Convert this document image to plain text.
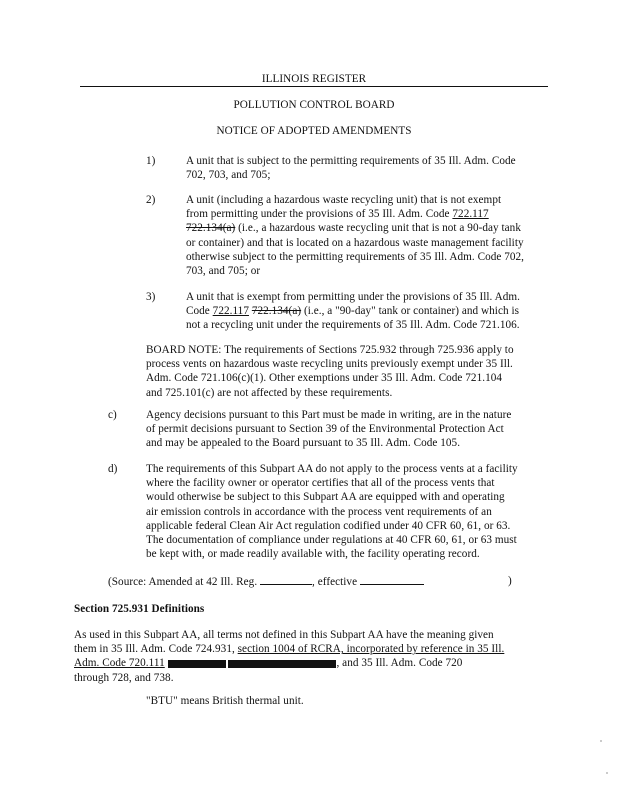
ILLINOIS REGISTER
POLLUTION CONTROL BOARD
NOTICE OF ADOPTED AMENDMENTS
1)	A unit that is subject to the permitting requirements of 35 Ill. Adm. Code
702, 703, and 705;
2)	A unit (including a hazardous waste recycling unit) that is not exempt
from permitting under the provisions of 35 Ill. Adm. Code 722.117
722.134(a) (i.e., a hazardous waste recycling unit that is not a 90-day tank
or container) and that is located on a hazardous waste management facility
otherwise subject to the permitting requirements of 35 Ill. Adm. Code 702,
703, and 705; or
3)	A unit that is exempt from permitting under the provisions of 35 Ill. Adm.
Code 722.117 722.134(a) (i.e., a "90-day" tank or container) and which is
not a recycling unit under the requirements of 35 Ill. Adm. Code 721.106.
BOARD NOTE: The requirements of Sections 725.932 through 725.936 apply to
process vents on hazardous waste recycling units previously exempt under 35 Ill.
Adm. Code 721.106(c)(1). Other exemptions under 35 Ill. Adm. Code 721.104
and 725.101(c) are not affected by these requirements.
c)	Agency decisions pursuant to this Part must be made in writing, are in the nature
of permit decisions pursuant to Section 39 of the Environmental Protection Act
and may be appealed to the Board pursuant to 35 Ill. Adm. Code 105.
d)	The requirements of this Subpart AA do not apply to the process vents at a facility
where the facility owner or operator certifies that all of the process vents that
would otherwise be subject to this Subpart AA are equipped with and operating
air emission controls in accordance with the process vent requirements of an
applicable federal Clean Air Act regulation codified under 40 CFR 60, 61, or 63.
The documentation of compliance under regulations at 40 CFR 60, 61, or 63 must
be kept with, or made readily available with, the facility operating record.
(Source: Amended at 42 Ill. Reg.	, effective	)
Section 725.931 Definitions
As used in this Subpart AA, all terms not defined in this Subpart AA have the meaning given
them in 35 Ill. Adm. Code 724.931, section 1004 of RCRA, incorporated by reference in 35 Ill.
Adm. Code 720.111	, and 35 Ill. Adm. Code 720
through 728, and 738.
"BTU" means British thermal unit.
